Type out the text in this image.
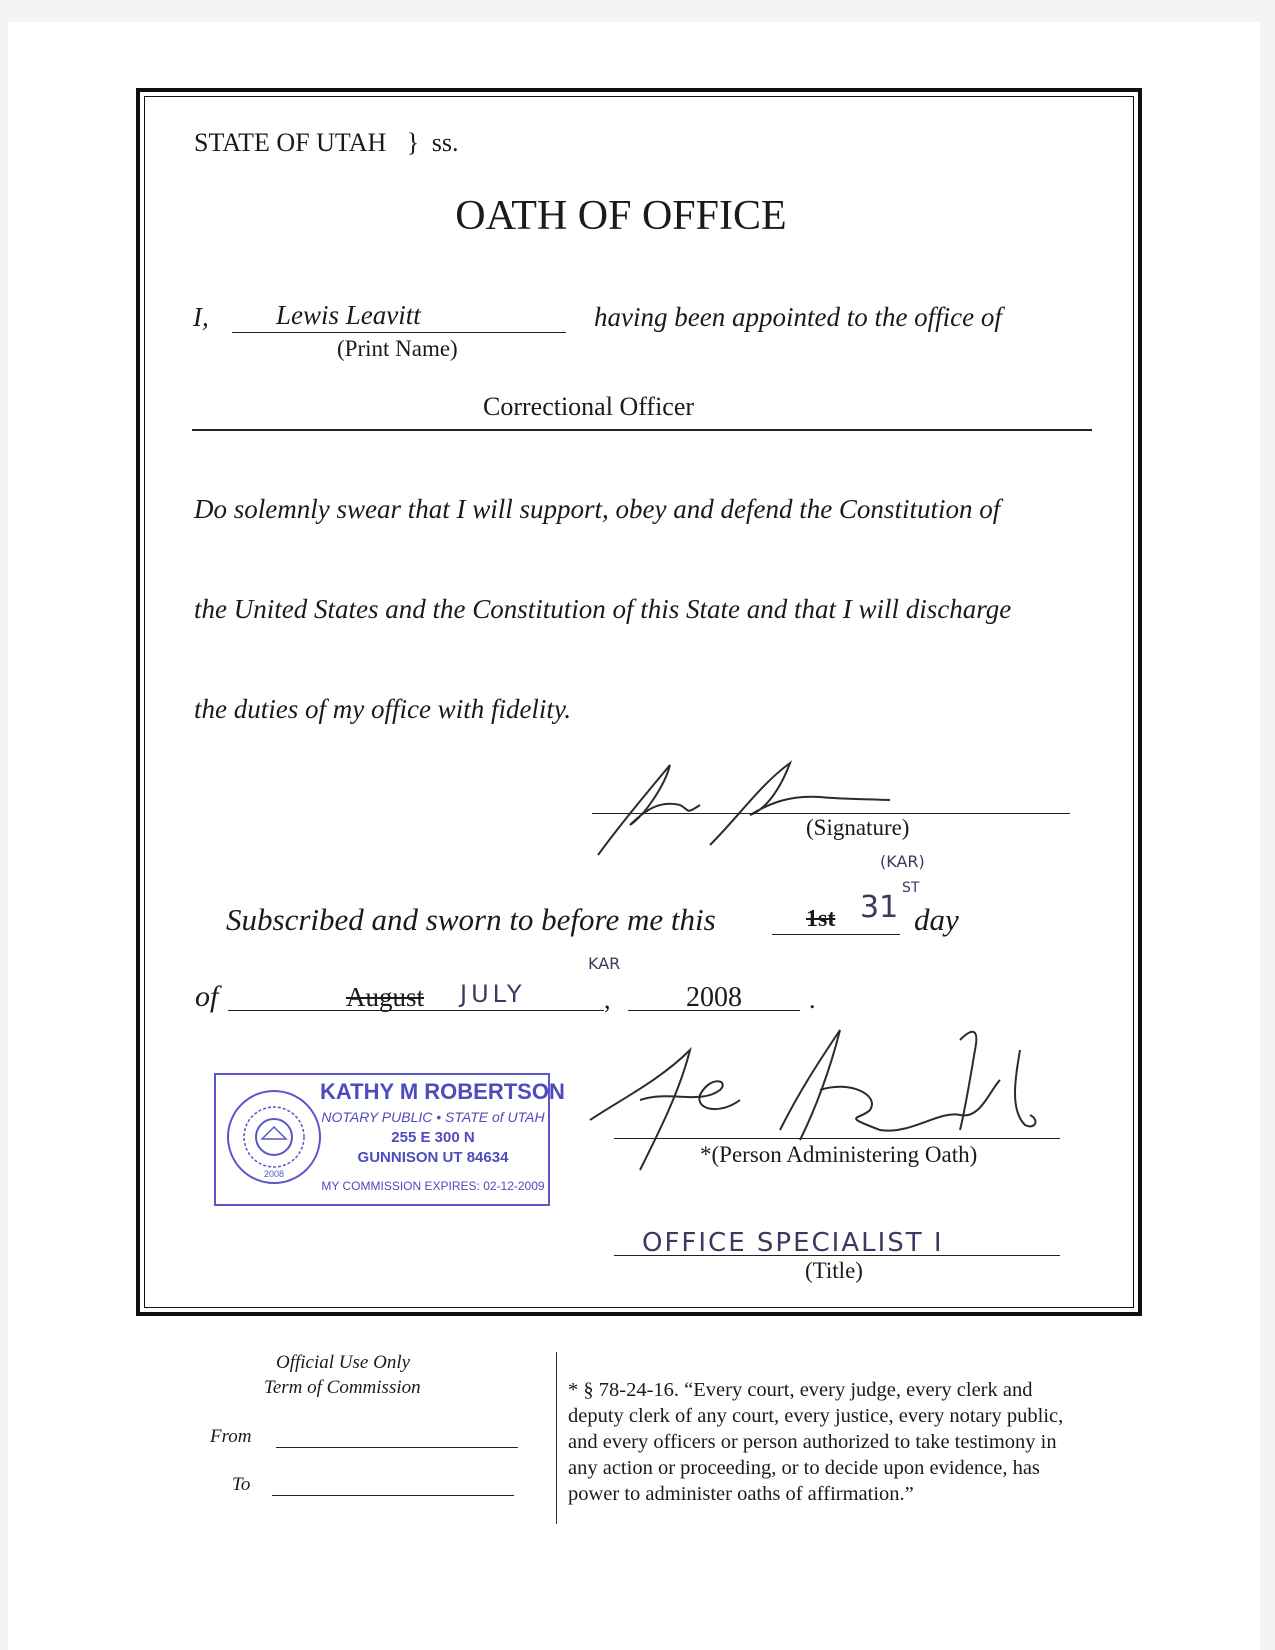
STATE OF UTAH } ss.
OATH OF OFFICE
I, Lewis Leavitt
(Print Name)
having been appointed to the office of
Correctional Officer
Do solemnly swear that I will support, obey and defend the Constitution of
the United States and the Constitution of this State and that I will discharge
the duties of my office with fidelity.
(Signature)
Subscribed and sworn to before me this
(KAR)
1st 31
ST
day
of	August JULY
KAR
,	2008	.
2008
KATHY M ROBERTSON
NOTARY PUBLIC • STATE of UTAH
255 E 300 N
GUNNISON UT 84634
MY COMMISSION EXPIRES: 02-12-2009
*(Person Administering Oath)
OFFICE SPECIALIST I
(Title)
Official Use Only
Term of Commission
From
To
* § 78-24-16. “Every court, every judge, every clerk and
deputy clerk of any court, every justice, every notary public,
and every officers or person authorized to take testimony in
any action or proceeding, or to decide upon evidence, has
power to administer oaths of affirmation.”
